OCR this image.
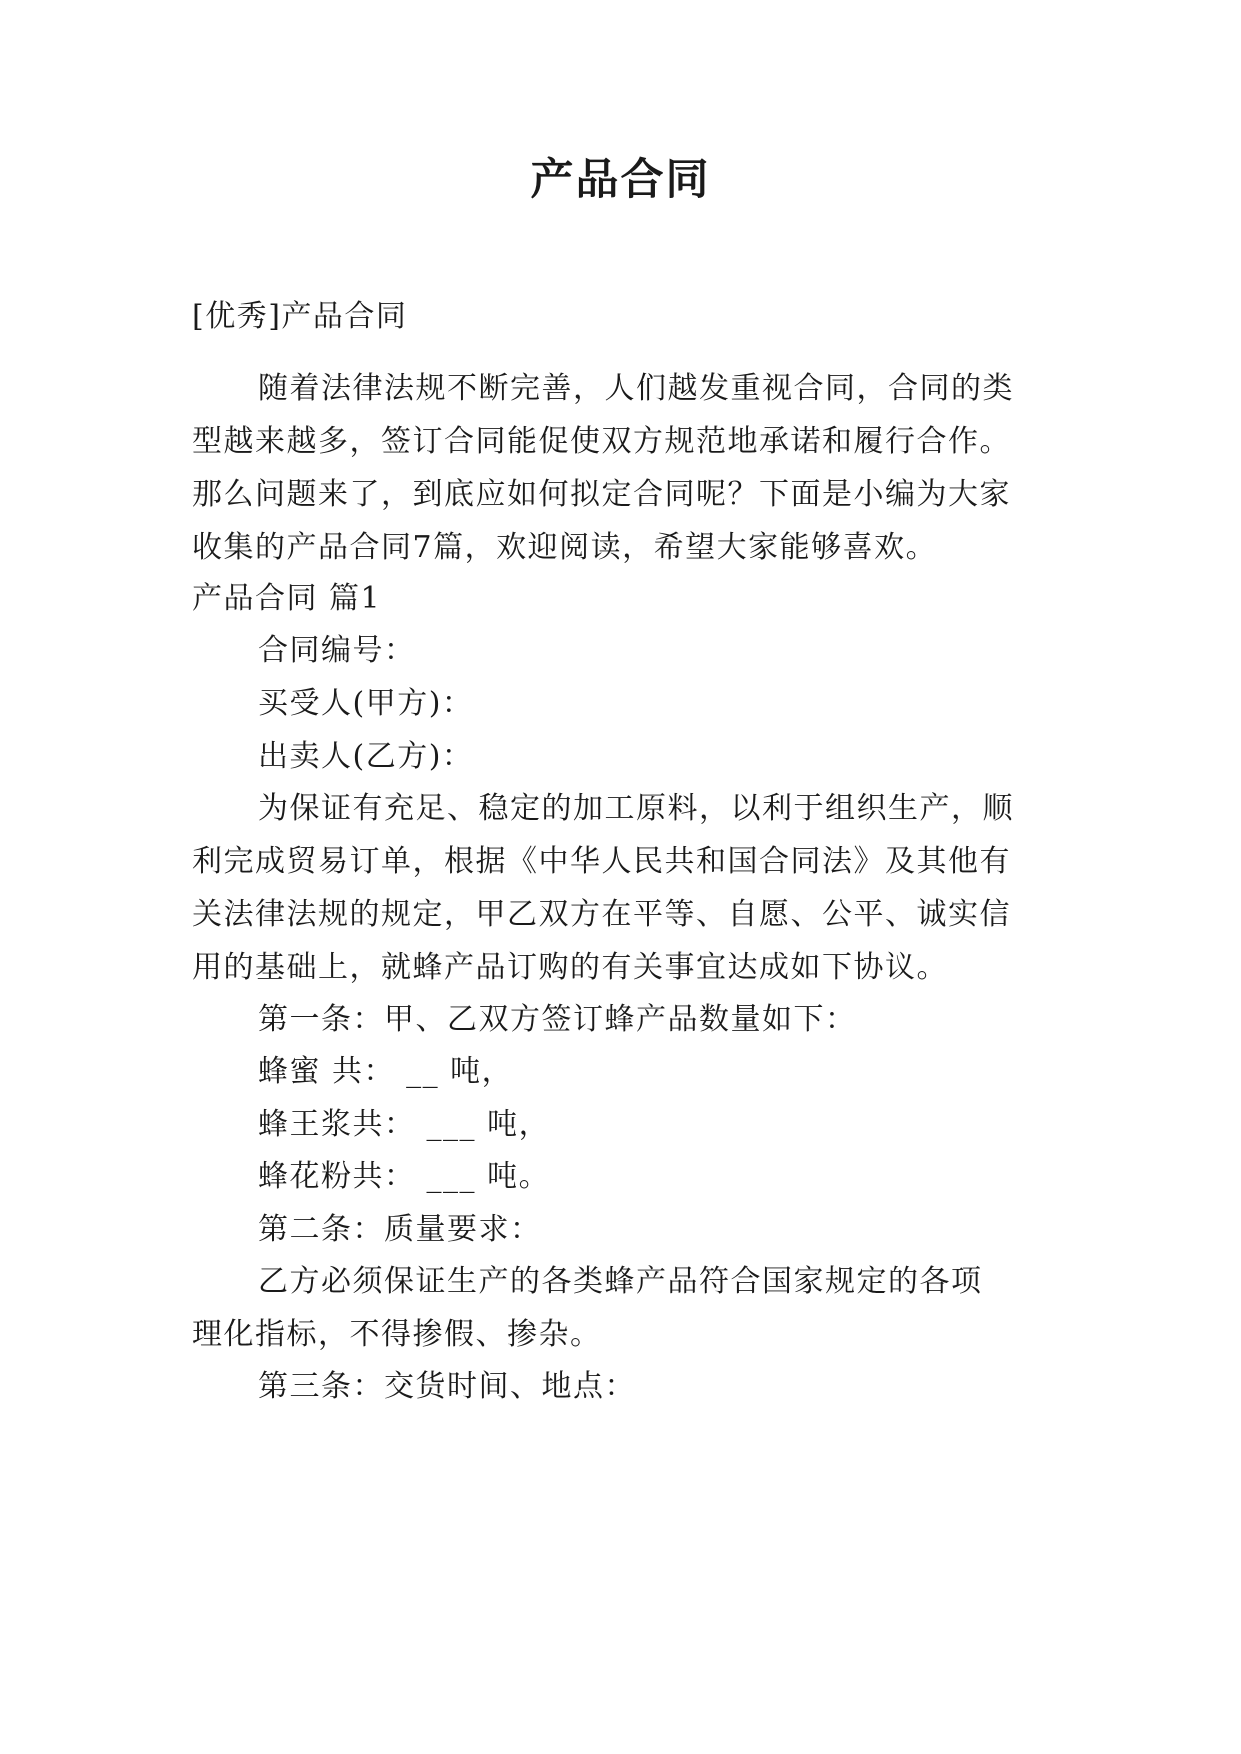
产品合同

[优秀]产品合同

随着法律法规不断完善，人们越发重视合同，合同的类

型越来越多，签订合同能促使双方规范地承诺和履行合作。

那么问题来了，到底应如何拟定合同呢？下面是小编为大家

收集的产品合同7篇，欢迎阅读，希望大家能够喜欢。

产品合同 篇1

合同编号：

买受人(甲方)：

出卖人(乙方)：

为保证有充足、稳定的加工原料，以利于组织生产，顺

利完成贸易订单，根据《中华人民共和国合同法》及其他有

关法律法规的规定，甲乙双方在平等、自愿、公平、诚实信

用的基础上，就蜂产品订购的有关事宜达成如下协议。

第一条：甲、乙双方签订蜂产品数量如下：

蜂蜜 共： __ 吨，

蜂王浆共： ___ 吨，

蜂花粉共： ___ 吨。

第二条：质量要求：

乙方必须保证生产的各类蜂产品符合国家规定的各项

理化指标，不得掺假、掺杂。

第三条：交货时间、地点：
